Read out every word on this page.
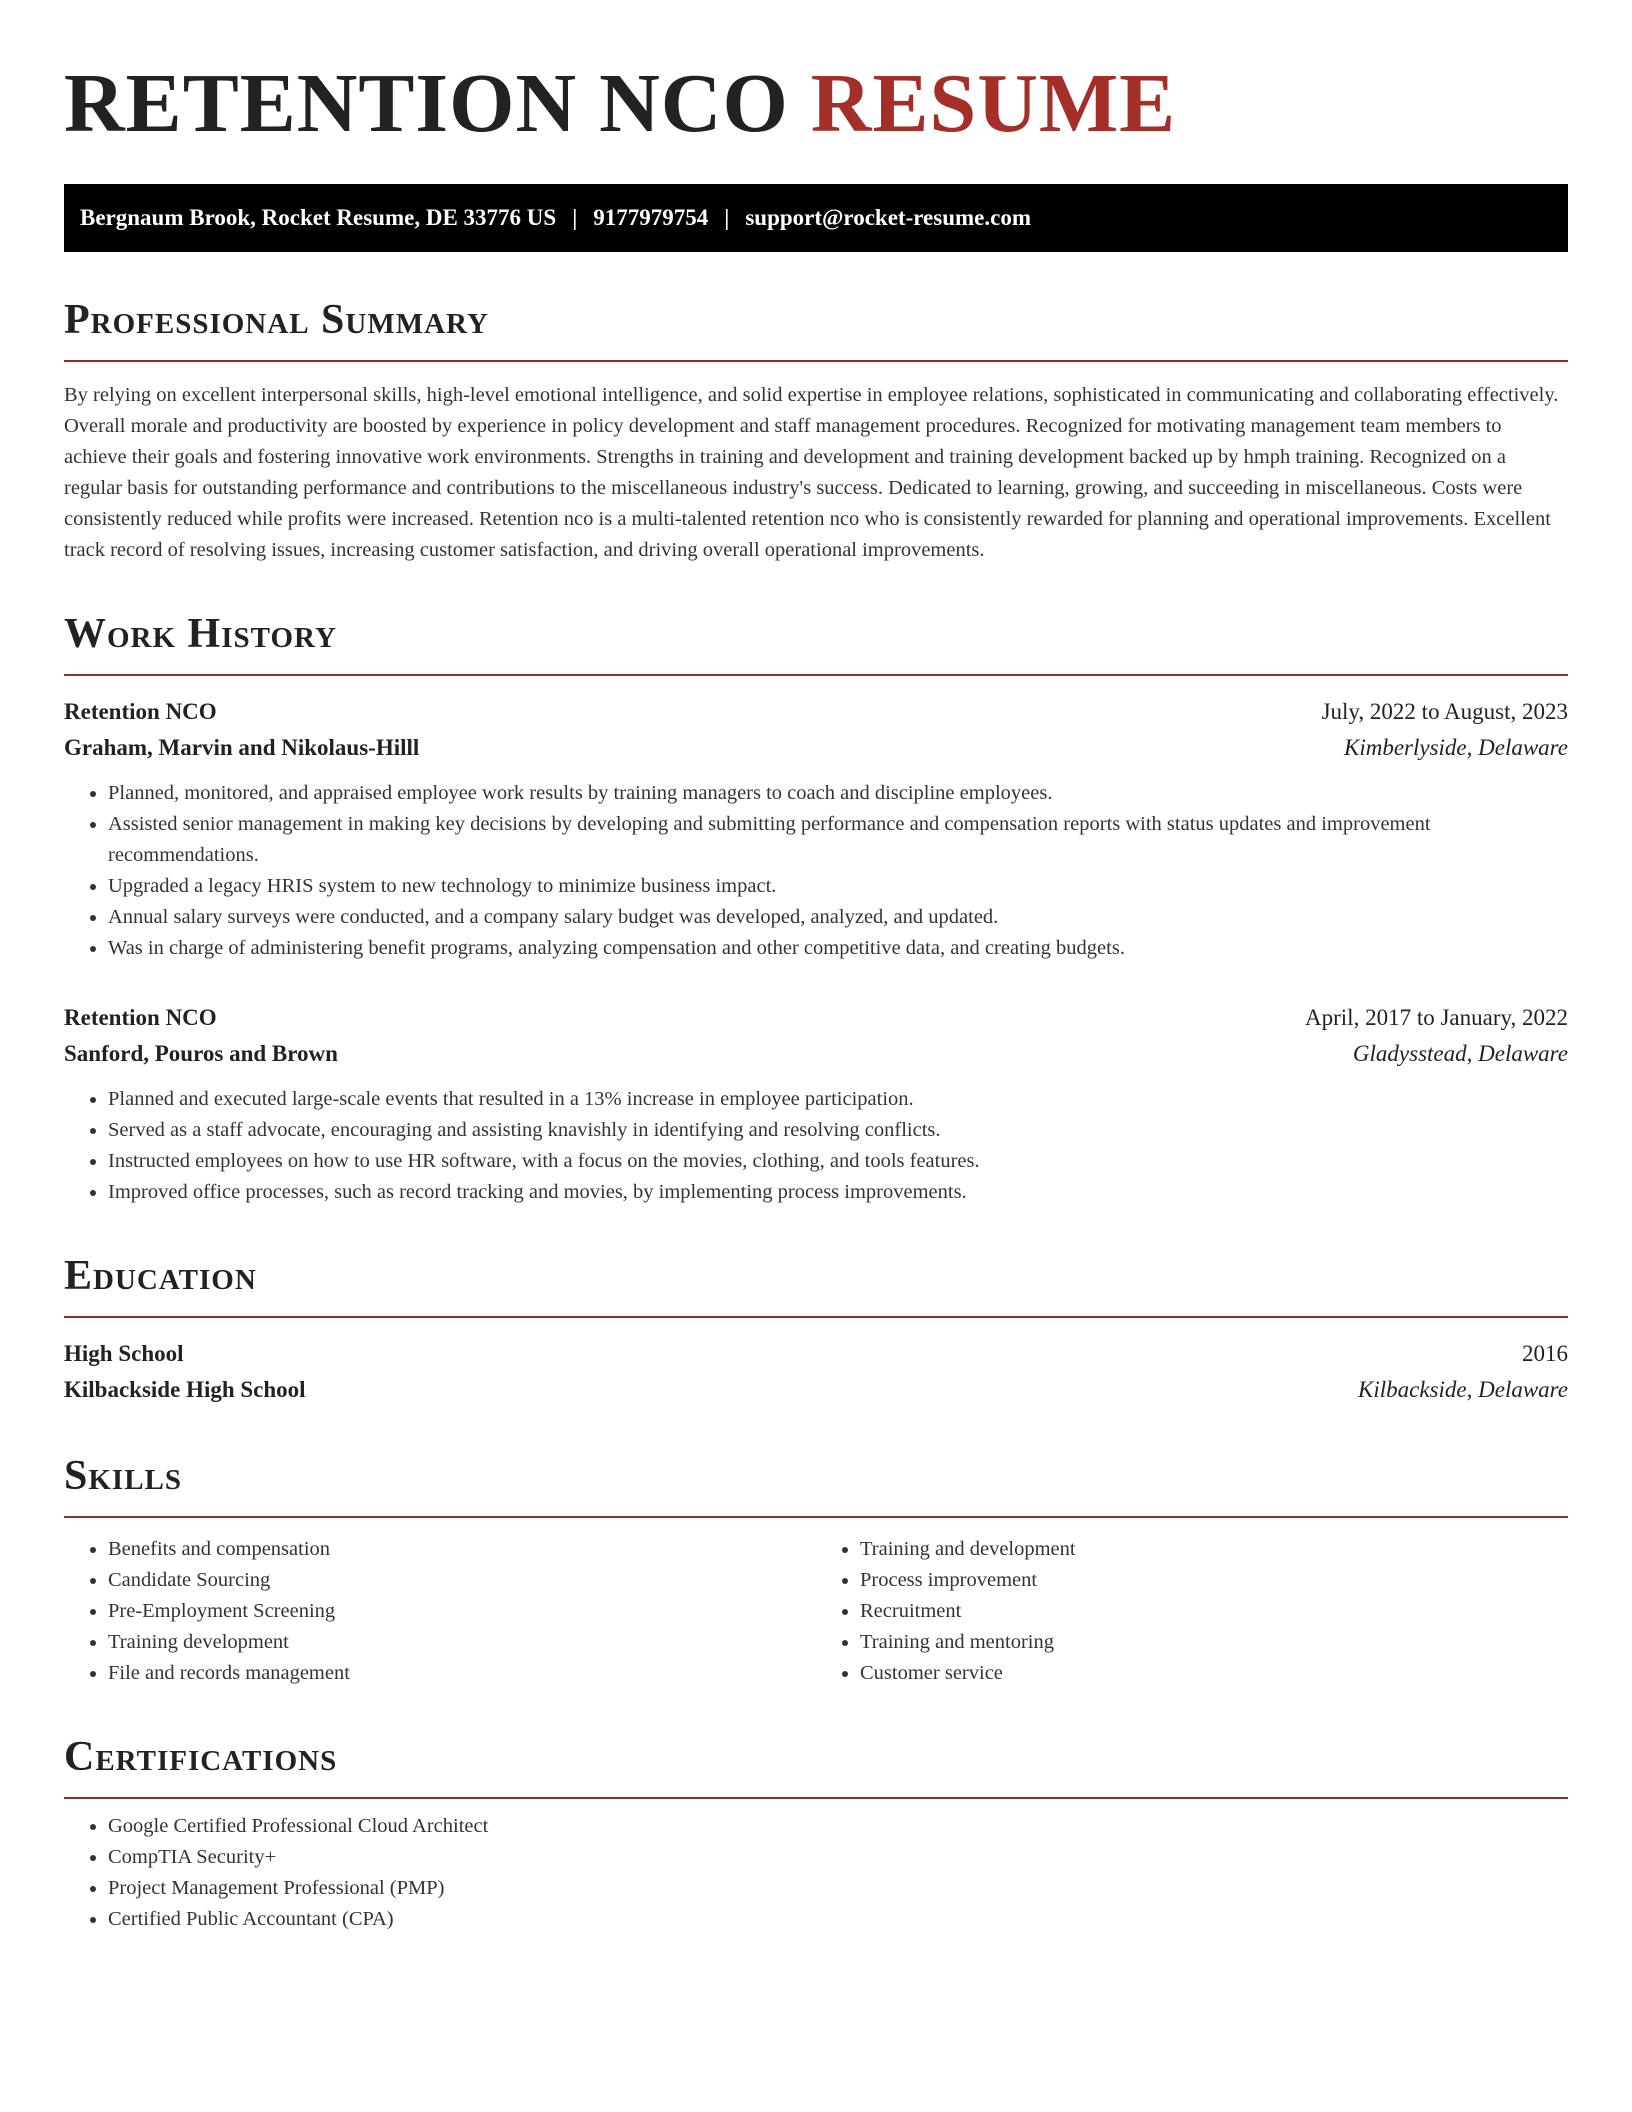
RETENTION NCO RESUME
Bergnaum Brook, Rocket Resume, DE 33776 US | 9177979754 | support@rocket-resume.com
Professional Summary

By relying on excellent interpersonal skills, high-level emotional intelligence, and solid expertise in employee relations, sophisticated in communicating and collaborating effectively. Overall morale and productivity are boosted by experience in policy development and staff management procedures. Recognized for motivating management team members to achieve their goals and fostering innovative work environments. Strengths in training and development and training development backed up by hmph training. Recognized on a regular basis for outstanding performance and contributions to the miscellaneous industry's success. Dedicated to learning, growing, and succeeding in miscellaneous. Costs were consistently reduced while profits were increased. Retention nco is a multi-talented retention nco who is consistently rewarded for planning and operational improvements. Excellent track record of resolving issues, increasing customer satisfaction, and driving overall operational improvements.

Work History
Retention NCO	July, 2022 to August, 2023
Graham, Marvin and Nikolaus-Hilll	Kimberlyside, Delaware
• Planned, monitored, and appraised employee work results by training managers to coach and discipline employees.
• Assisted senior management in making key decisions by developing and submitting performance and compensation reports with status updates and improvement recommendations.
• Upgraded a legacy HRIS system to new technology to minimize business impact.
• Annual salary surveys were conducted, and a company salary budget was developed, analyzed, and updated.
• Was in charge of administering benefit programs, analyzing compensation and other competitive data, and creating budgets.
Retention NCO	April, 2017 to January, 2022
Sanford, Pouros and Brown	Gladysstead, Delaware
• Planned and executed large-scale events that resulted in a 13% increase in employee participation.
• Served as a staff advocate, encouraging and assisting knavishly in identifying and resolving conflicts.
• Instructed employees on how to use HR software, with a focus on the movies, clothing, and tools features.
• Improved office processes, such as record tracking and movies, by implementing process improvements.
Education
High School	2016
Kilbackside High School	Kilbackside, Delaware
Skills
• Benefits and compensation
• Candidate Sourcing
• Pre-Employment Screening
• Training development
• File and records management
• Training and development
• Process improvement
• Recruitment
• Training and mentoring
• Customer service
Certifications
• Google Certified Professional Cloud Architect
• CompTIA Security+
• Project Management Professional (PMP)
• Certified Public Accountant (CPA)
